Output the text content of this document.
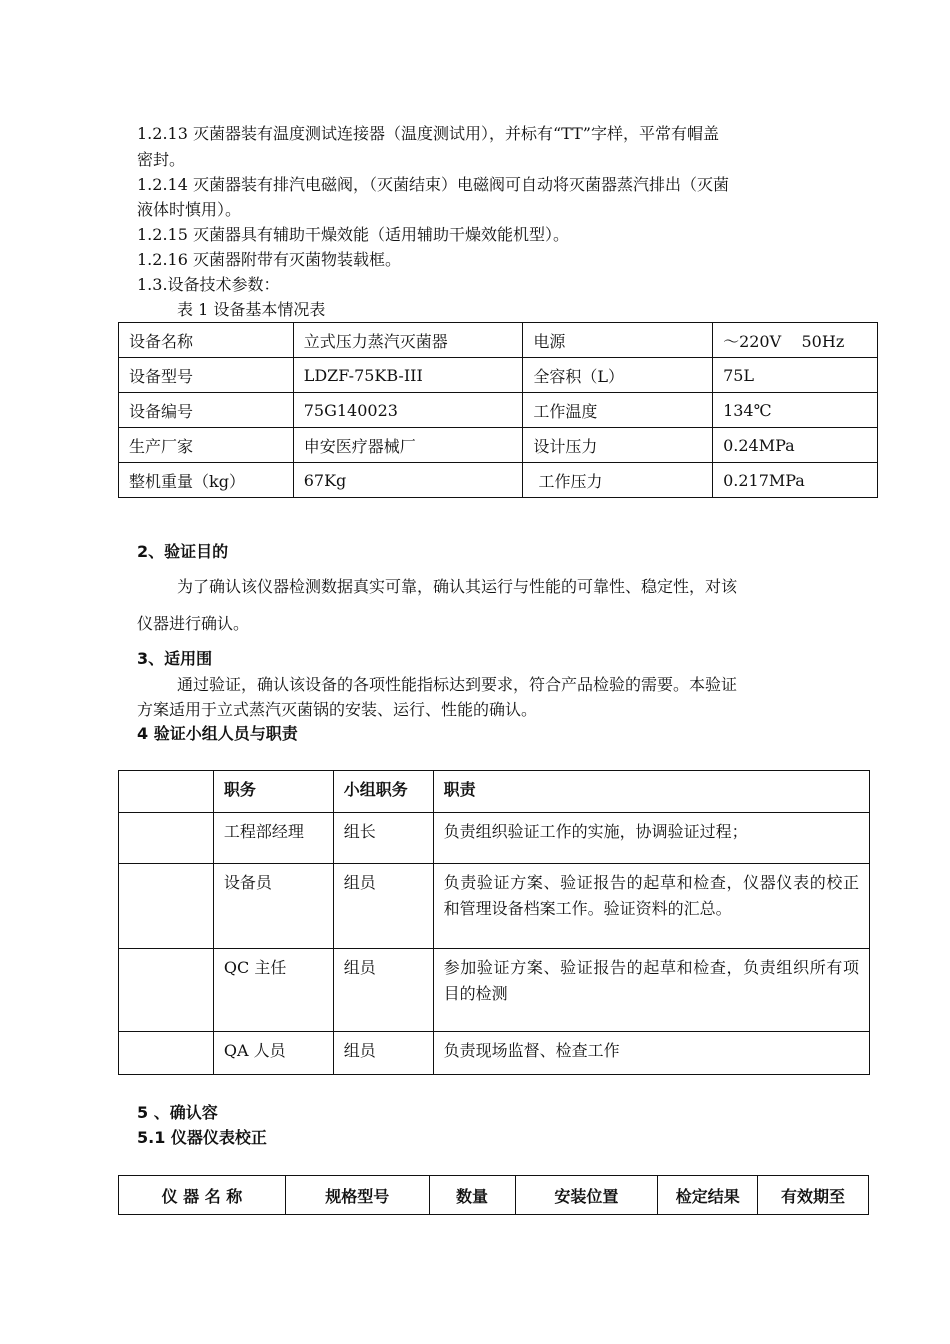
1.2.13 灭菌器装有温度测试连接器（温度测试用），并标有“TT”字样，平常有帽盖

密封。

1.2.14 灭菌器装有排汽电磁阀，（灭菌结束）电磁阀可自动将灭菌器蒸汽排出（灭菌

液体时慎用）。

1.2.15 灭菌器具有辅助干燥效能（适用辅助干燥效能机型）。

1.2.16 灭菌器附带有灭菌物装载框。

1.3.设备技术参数：

表 1 设备基本情况表

设备名称	立式压力蒸汽灭菌器	电源	～220V    50Hz
设备型号	LDZF-75KB-III	全容积（L）	75L
设备编号	75G140023	工作温度	134℃
生产厂家	申安医疗器械厂	设计压力	0.24MPa
整机重量（kg）	67Kg	工作压力	0.217MPa

2、验证目的

为了确认该仪器检测数据真实可靠，确认其运行与性能的可靠性、稳定性，对该

仪器进行确认。

3、适用围

通过验证，确认该设备的各项性能指标达到要求，符合产品检验的需要。本验证

方案适用于立式蒸汽灭菌锅的安装、运行、性能的确认。

4 验证小组人员与职责

	职务	小组职务	职责
	工程部经理	组长	负责组织验证工作的实施，协调验证过程；
	设备员	组员	负责验证方案、验证报告的起草和检查，仪器仪表的校正和管理设备档案工作。验证资料的汇总。
	QC 主任	组员	参加验证方案、验证报告的起草和检查，负责组织所有项目的检测
	QA 人员	组员	负责现场监督、检查工作

5 、确认容

5.1 仪器仪表校正

仪 器 名 称	规格型号	数量	安装位置	检定结果	有效期至
